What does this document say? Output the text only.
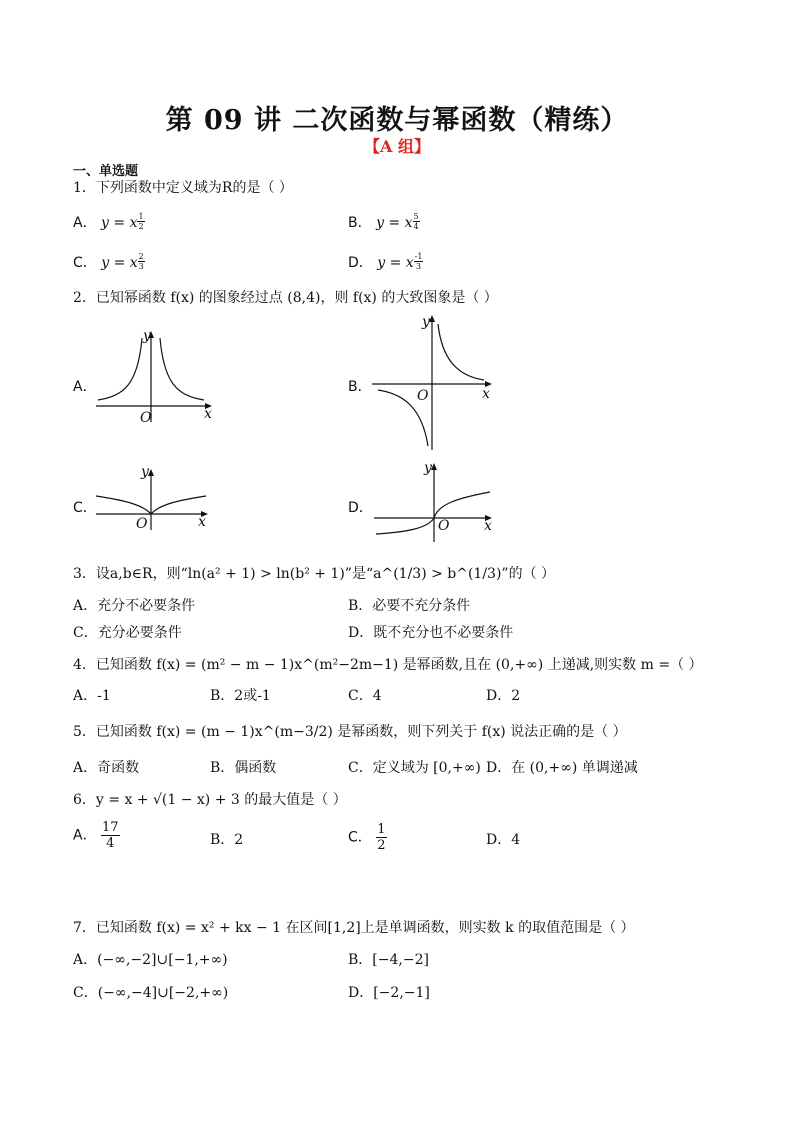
第 09 讲 二次函数与幂函数（精练）
【A 组】
一、单选题
1．下列函数中定义域为R的是（ ）
A． y = x $^{\frac{1}{2}}$	B． y = x $^{\frac{5}{4}}$
C． y = x $^{\frac{2}{3}}$	D． y = x $^{\frac{-1}{3}}$
2．已知幂函数 f(x) 的图象经过点 (8,4)，则 f(x) 的大致图象是（ ）
A．	B．
C．	D．
y
x
O
y
x
O
y
x
O
y
x
O
3．设a,b∈R，则“ln(a² + 1) > ln(b² + 1)”是“a^(1/3) > b^(1/3)”的（ ）
A．充分不必要条件	B．必要不充分条件
C．充分必要条件	D．既不充分也不必要条件
4．已知函数 f(x) = (m² − m − 1)x^(m²−2m−1) 是幂函数,且在 (0,+∞) 上递减,则实数 m =（ ）
A．-1	B．2或-1	C．4	D．2
5．已知函数 f(x) = (m − 1)x^(m−3/2) 是幂函数，则下列关于 f(x) 说法正确的是（ ）
A．奇函数	B．偶函数	C．定义域为 [0,+∞) D．在 (0,+∞) 单调递减
6．y = x + √(1 − x) + 3 的最大值是（ ）
A． $\frac{17}{4}$	B．2	C． $\frac{1}{2}$	D．4
7．已知函数 f(x) = x² + kx − 1 在区间[1,2]上是单调函数，则实数 k 的取值范围是（ ）
A．(−∞,−2]∪[−1,+∞)	B．[−4,−2]
C．(−∞,−4]∪[−2,+∞)	D．[−2,−1]
